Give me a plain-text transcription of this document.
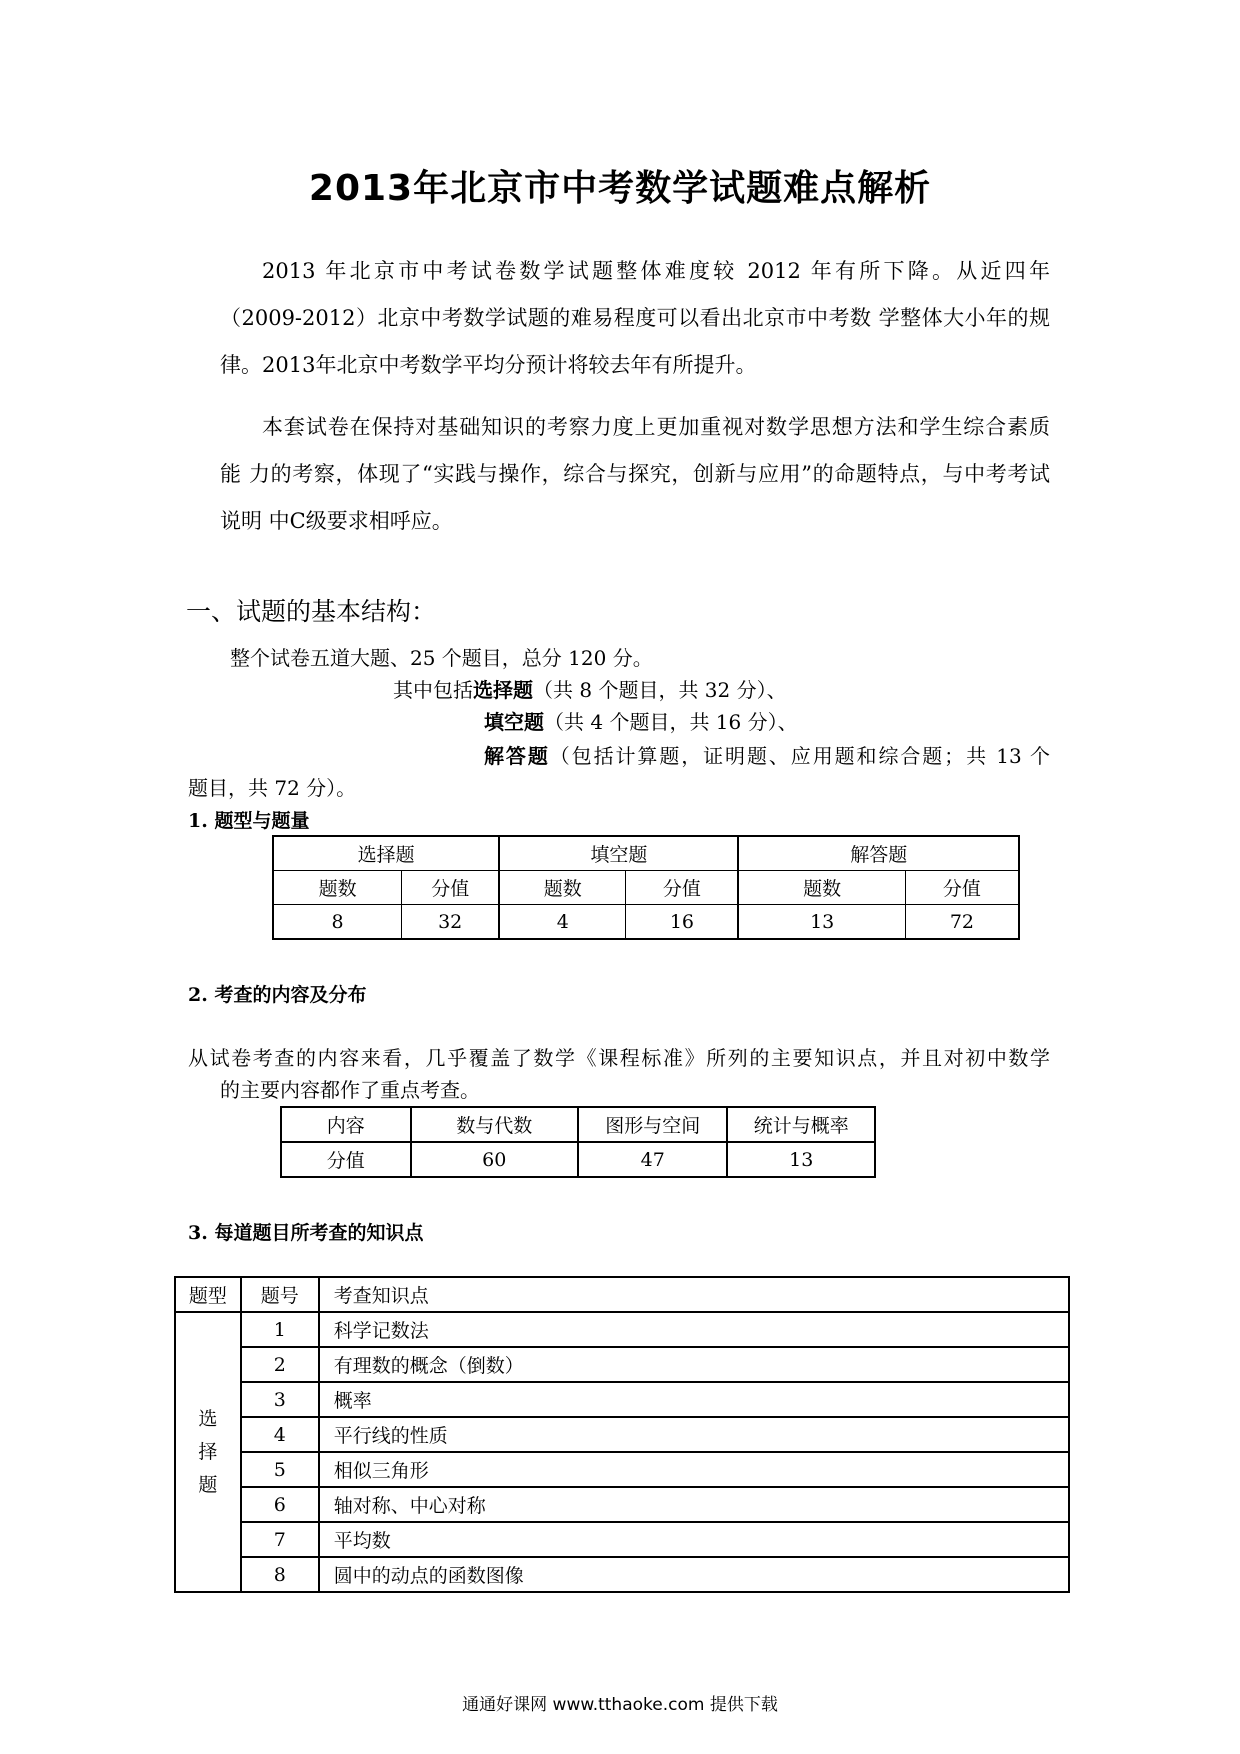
2013年北京市中考数学试题难点解析
2013 年北京市中考试卷数学试题整体难度较 2012 年有所下降。从近四年
（2009-2012）北京中考数学试题的难易程度可以看出北京市中考数 学整体大小年的规
律。2013年北京中考数学平均分预计将较去年有所提升。
本套试卷在保持对基础知识的考察力度上更加重视对数学思想方法和学生综合素质
能 力的考察，体现了“实践与操作，综合与探究，创新与应用”的命题特点，与中考考试
说明 中C级要求相呼应。
一、试题的基本结构：
整个试卷五道大题、25 个题目，总分 120 分。
其中包括选择题（共 8 个题目，共 32 分）、
填空题（共 4 个题目，共 16 分）、
解答题（包括计算题，证明题、应用题和综合题；共 13 个
题目，共 72 分）。
1. 题型与题量
选择题		填空题		解答题	
题数	分值	题数	分值	题数	分值
8	32	4	16	13	72
2. 考查的内容及分布
从试卷考查的内容来看，几乎覆盖了数学《课程标准》所列的主要知识点，并且对初中数学
的主要内容都作了重点考查。
内容	数与代数	图形与空间	统计与概率
分值	60	47	13
3. 每道题目所考查的知识点
题型	题号	考查知识点

选
择
题	1	科学记数法
	2	有理数的概念（倒数）
	3	概率
	4	平行线的性质
	5	相似三角形
	6	轴对称、中心对称
	7	平均数
	8	圆中的动点的函数图像
通通好课网 www.tthaoke.com 提供下载
